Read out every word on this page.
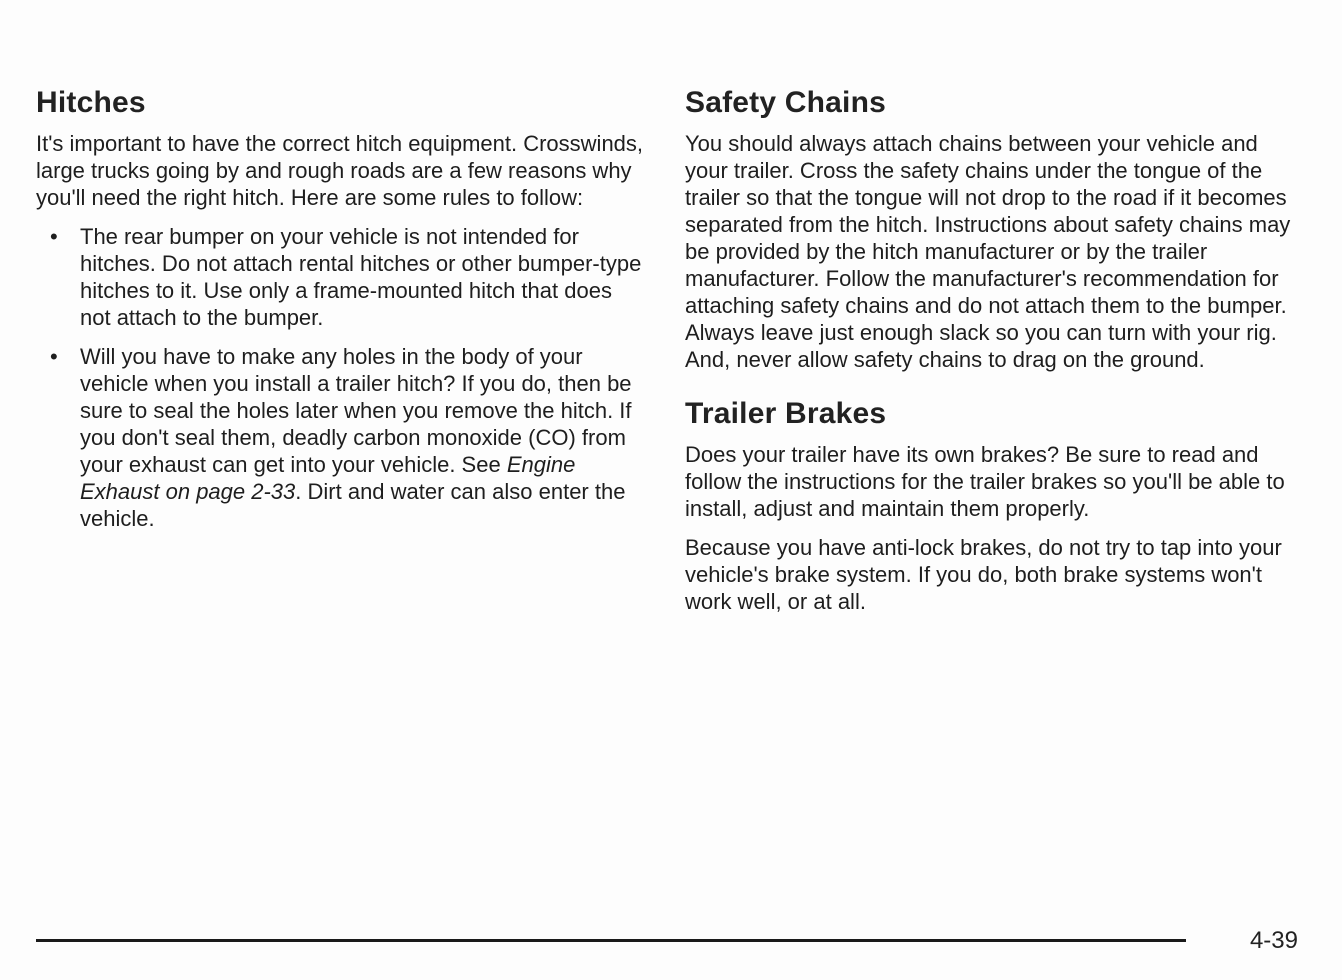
Hitches

It's important to have the correct hitch equipment. Crosswinds, large trucks going by and rough roads are a few reasons why you'll need the right hitch. Here are some rules to follow:

• The rear bumper on your vehicle is not intended for hitches. Do not attach rental hitches or other bumper-type hitches to it. Use only a frame-mounted hitch that does not attach to the bumper.
• Will you have to make any holes in the body of your vehicle when you install a trailer hitch? If you do, then be sure to seal the holes later when you remove the hitch. If you don't seal them, deadly carbon monoxide (CO) from your exhaust can get into your vehicle. See Engine Exhaust on page 2-33. Dirt and water can also enter the vehicle.
Safety Chains

You should always attach chains between your vehicle and your trailer. Cross the safety chains under the tongue of the trailer so that the tongue will not drop to the road if it becomes separated from the hitch. Instructions about safety chains may be provided by the hitch manufacturer or by the trailer manufacturer. Follow the manufacturer's recommendation for attaching safety chains and do not attach them to the bumper. Always leave just enough slack so you can turn with your rig. And, never allow safety chains to drag on the ground.

Trailer Brakes

Does your trailer have its own brakes? Be sure to read and follow the instructions for the trailer brakes so you'll be able to install, adjust and maintain them properly.

Because you have anti-lock brakes, do not try to tap into your vehicle's brake system. If you do, both brake systems won't work well, or at all.

4-39
